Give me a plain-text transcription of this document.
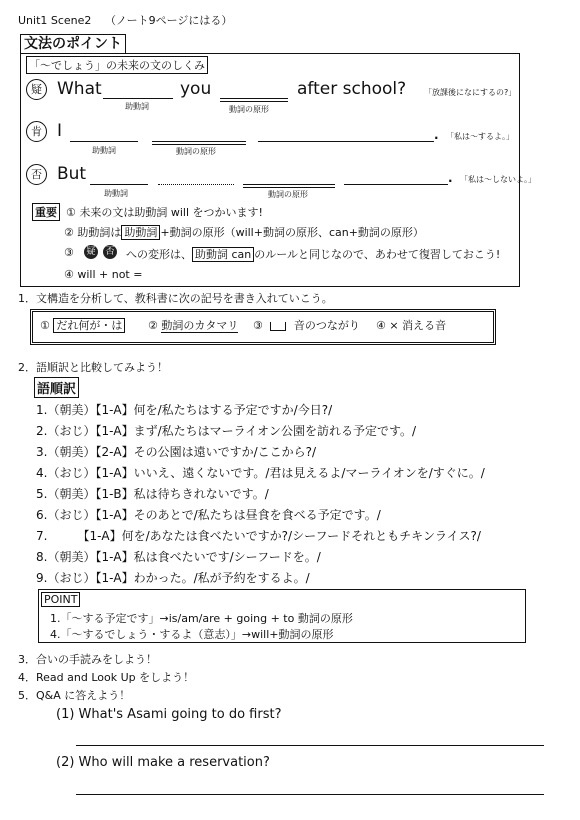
Unit1 Scene2 （ノート9ページにはる）
文法のポイント
「～でしょう」の未来の文のしくみ
疑 What
助動詞
you
動詞の原形
after school? 「放課後になにするの?」
肯 I
助動詞	動詞の原形
. 「私は～するよ。」
否 But
助動詞	動詞の原形
. 「私は～しないよ。」
重要 ① 未来の文は助動詞 will をつかいます!
② 助動詞は 助動詞 +動詞の原形（will+動詞の原形、can+動詞の原形）
③ 疑 否 への変形は、 助動詞 can のルールと同じなので、あわせて復習しておこう!
④ will + not =
1．文構造を分析して、教科書に次の記号を書き入れていこう。
① だれ何が・は ② 動詞のカタマリ ③	音のつながり ④ × 消える音
2．語順訳と比較してみよう！
語順訳
1.（朝美）【1-A】何を/私たちはする予定ですか/今日?/
2.（おじ）【1-A】まず/私たちはマーライオン公園を訪れる予定です。/
3.（朝美）【2-A】その公園は遠いですか/ここから?/
4.（おじ）【1-A】いいえ、遠くないです。/君は見えるよ/マーライオンを/すぐに。/
5.（朝美）【1-B】私は待ちきれないです。/
6.（おじ）【1-A】そのあとで/私たちは昼食を食べる予定です。/
7.　　　【1-A】何を/あなたは食べたいですか?/シーフードそれともチキンライス?/
8.（朝美）【1-A】私は食べたいです/シーフードを。/
9.（おじ）【1-A】わかった。/私が予約をするよ。/
POINT
1.「～する予定です」→is/am/are + going + to 動詞の原形
4.「～するでしょう・するよ（意志）」→will+動詞の原形
3．合いの手読みをしよう！
4．Read and Look Up をしよう！
5．Q&A に答えよう！
(1) What's Asami going to do first?
(2) Who will make a reservation?
